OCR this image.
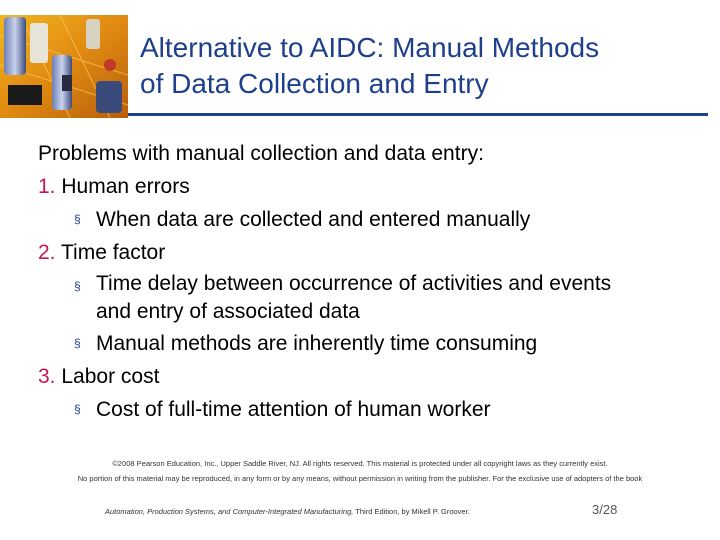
Alternative to AIDC: Manual Methods
of Data Collection and Entry
Problems with manual collection and data entry:
1. Human errors
§ When data are collected and entered manually
2. Time factor
§ Time delay between occurrence of activities and events
and entry of associated data
§ Manual methods are inherently time consuming
3. Labor cost
§ Cost of full-time attention of human worker
©2008 Pearson Education, Inc., Upper Saddle River, NJ. All rights reserved. This material is protected under all copyright laws as they currently exist.
No portion of this material may be reproduced, in any form or by any means, without permission in writing from the publisher. For the exclusive use of adopters of the book
Automation, Production Systems, and Computer-Integrated Manufacturing, Third Edition, by Mikell P. Groover.	3/28
